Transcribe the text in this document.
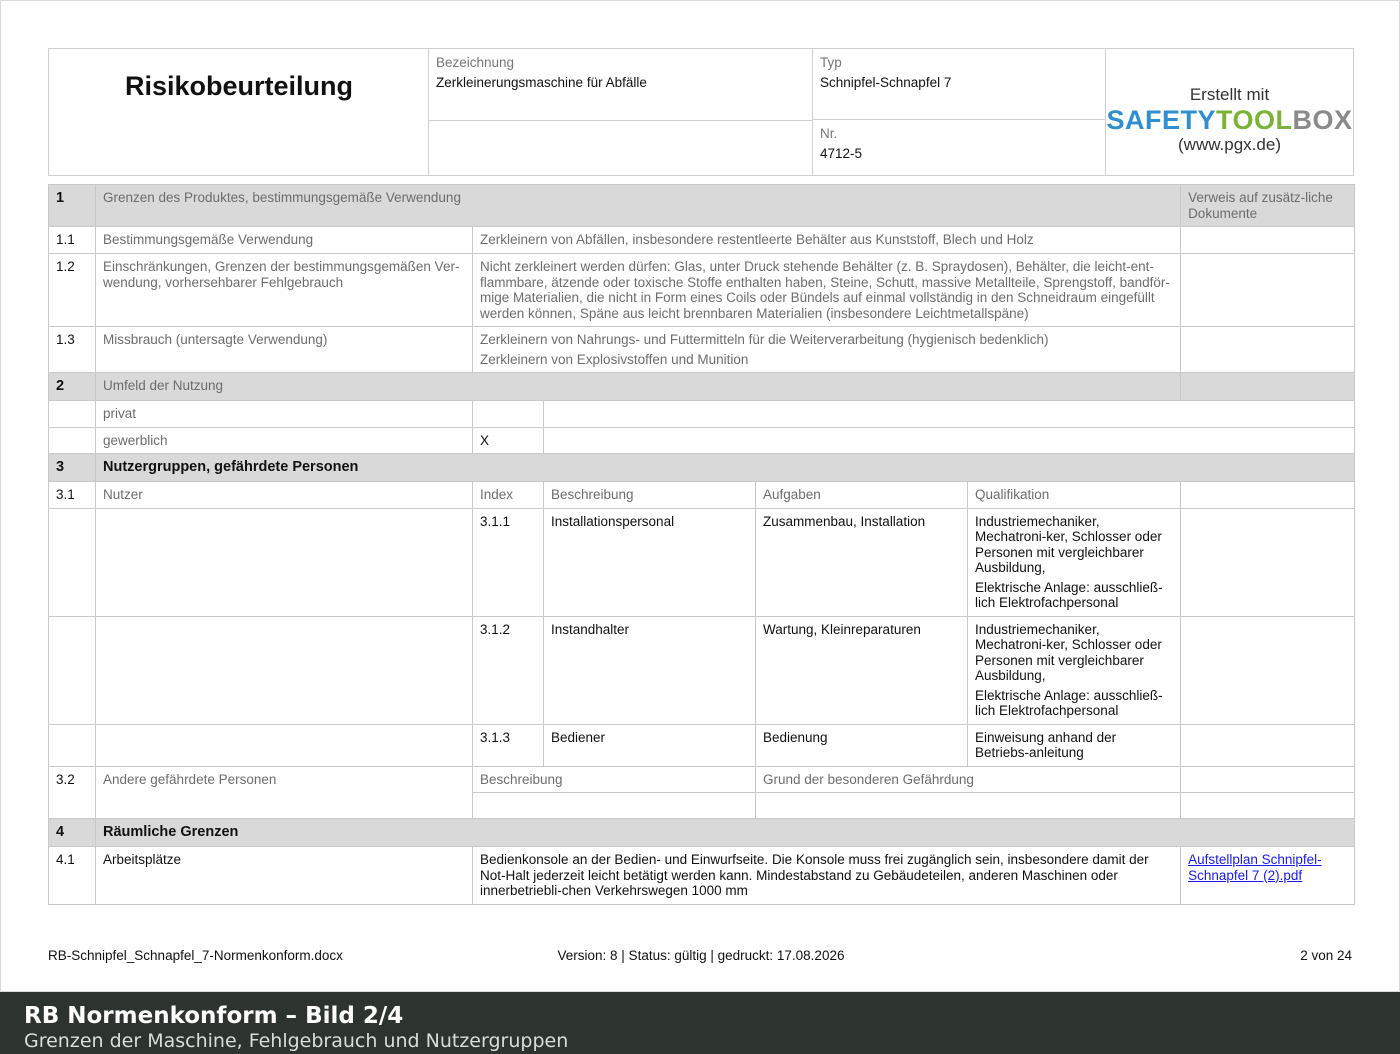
Risikobeurteilung
Bezeichnung
Zerkleinerungsmaschine für Abfälle
Typ
Schnipfel-Schnapfel 7
Nr.
4712-5
Erstellt mit
SAFETYTOOLBOX
(www.pgx.de)
1	Grenzen des Produktes, bestimmungsgemäße Verwendung					Verweis auf zusätz-liche Dokumente
1.1	Bestimmungsgemäße Verwendung	Zerkleinern von Abfällen, insbesondere restentleerte Behälter aus Kunststoff, Blech und Holz				
1.2	Einschränkungen, Grenzen der bestimmungsgemäßen Ver-wendung, vorhersehbarer Fehlgebrauch	Nicht zerkleinert werden dürfen: Glas, unter Druck stehende Behälter (z. B. Spraydosen), Behälter, die leicht-ent-flammbare, ätzende oder toxische Stoffe enthalten haben, Steine, Schutt, massive Metallteile, Sprengstoff, bandför-mige Materialien, die nicht in Form eines Coils oder Bündels auf einmal vollständig in den Schneidraum eingefüllt werden können, Späne aus leicht brennbaren Materialien (insbesondere Leichtmetallspäne)				
1.3	Missbrauch (untersagte Verwendung)	Zerkleinern von Nahrungs- und Futtermitteln für die Weiterverarbeitung (hygienisch bedenklich)
Zerkleinern von Explosivstoffen und Munition				

2	Umfeld der Nutzung					
	privat					
	gewerblich	X				
3	Nutzergruppen, gefährdete Personen					
3.1	Nutzer	Index	Beschreibung	Aufgaben	Qualifikation	
		3.1.1	Installationspersonal	Zusammenbau, Installation	Industriemechaniker, Mechatroni-ker, Schlosser oder Personen mit vergleichbarer Ausbildung,
Elektrische Anlage: ausschließ-lich Elektrofachpersonal	

		3.1.2	Instandhalter	Wartung, Kleinreparaturen	Industriemechaniker, Mechatroni-ker, Schlosser oder Personen mit vergleichbarer Ausbildung,
Elektrische Anlage: ausschließ-lich Elektrofachpersonal	

		3.1.3	Bediener	Bedienung	Einweisung anhand der Betriebs-anleitung	
3.2	Andere gefährdete Personen	Beschreibung		Grund der besonderen Gefährdung		

4	Räumliche Grenzen					
4.1	Arbeitsplätze	Bedienkonsole an der Bedien- und Einwurfseite. Die Konsole muss frei zugänglich sein, insbesondere damit der Not-Halt jederzeit leicht betätigt werden kann. Mindestabstand zu Gebäudeteilen, anderen Maschinen oder innerbetriebli-chen Verkehrswegen 1000 mm				Aufstellplan Schnipfel-Schnapfel 7 (2).pdf
RB-Schnipfel_Schnapfel_7-Normenkonform.docx	Version: 8 | Status: gültig | gedruckt: 17.08.2026	2 von 24
RB Normenkonform – Bild 2/4
Grenzen der Maschine, Fehlgebrauch und Nutzergruppen
